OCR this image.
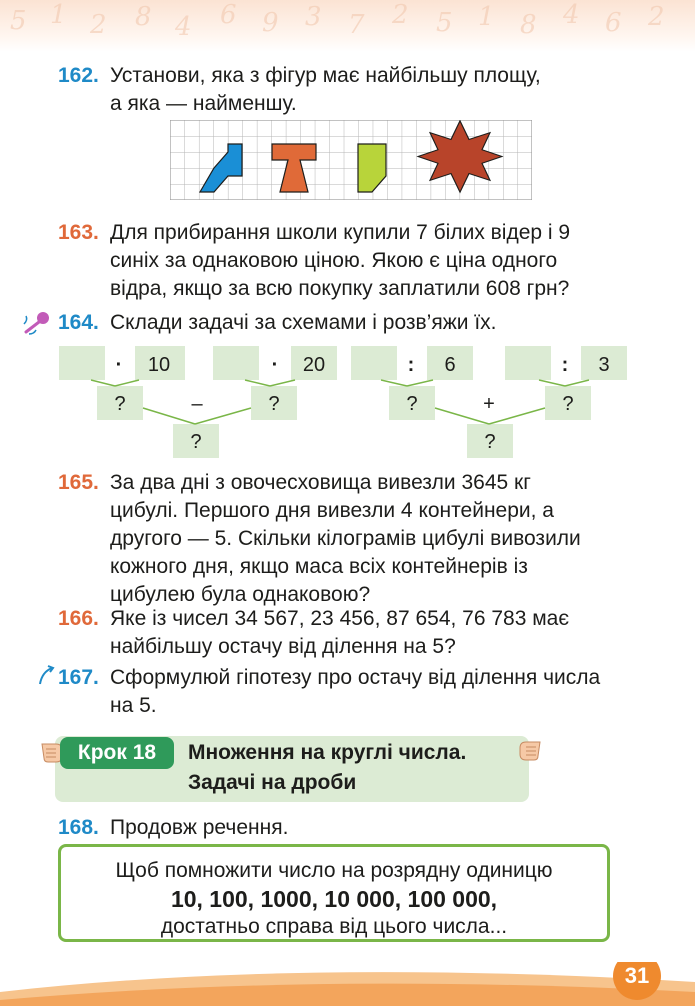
5 1 2 8 4 6 9 3 7 2 5 1 8 4 6 2
162. Установи, яка з фігур має найбільшу площу,
а яка — найменшу.
163. Для прибирання школи купили 7 білих відер і 9
синіх за однаковою ціною. Якою є ціна одного
відра, якщо за всю покупку заплатили 608 грн?
164. Склади задачі за схемами і розв’яжи їх.
· 10	· 20
?	–	?
?
: 6	: 3
?	+	?
?
165. За два дні з овочесховища вивезли 3645 кг
цибулі. Першого дня вивезли 4 контейнери, а
другого — 5. Скільки кілограмів цибулі вивозили
кожного дня, якщо маса всіх контейнерів із
цибулею була однаковою?
166. Яке із чисел 34 567, 23 456, 87 654, 76 783 має
найбільшу остачу від ділення на 5?
167. Сформулюй гіпотезу про остачу від ділення числа
на 5.
Крок 18	Множення на круглі числа.
Задачі на дроби
168. Продовж речення.
Щоб помножити число на розрядну одиницю
10, 100, 1000, 10 000, 100 000,
достатньо справа від цього числа...
31
